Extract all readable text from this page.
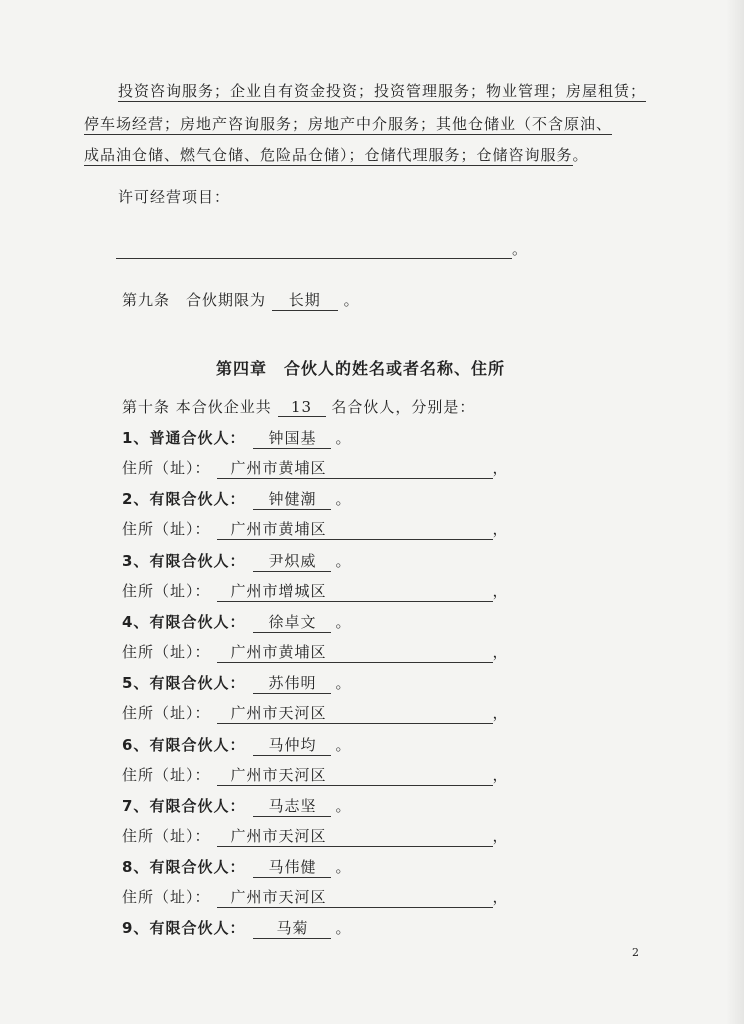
投资咨询服务；企业自有资金投资；投资管理服务；物业管理；房屋租赁；
停车场经营；房地产咨询服务；房地产中介服务；其他仓储业（不含原油、
成品油仓储、燃气仓储、危险品仓储）；仓储代理服务；仓储咨询服务。
许可经营项目：
。
第九条　合伙期限为 长期 。
第四章　合伙人的姓名或者名称、住所
第十条 本合伙企业共 13 名合伙人，分别是：
1、普通合伙人： 钟国基 。
住所（址）： 广州市黄埔区	，
2、有限合伙人： 钟健潮 。
住所（址）： 广州市黄埔区	，
3、有限合伙人： 尹炽威 。
住所（址）： 广州市增城区	，
4、有限合伙人： 徐卓文 。
住所（址）： 广州市黄埔区	，
5、有限合伙人： 苏伟明 。
住所（址）： 广州市天河区	，
6、有限合伙人： 马仲均 。
住所（址）： 广州市天河区	，
7、有限合伙人： 马志坚 。
住所（址）： 广州市天河区	，
8、有限合伙人： 马伟健 。
住所（址）： 广州市天河区	，
9、有限合伙人： 马菊 。
2
